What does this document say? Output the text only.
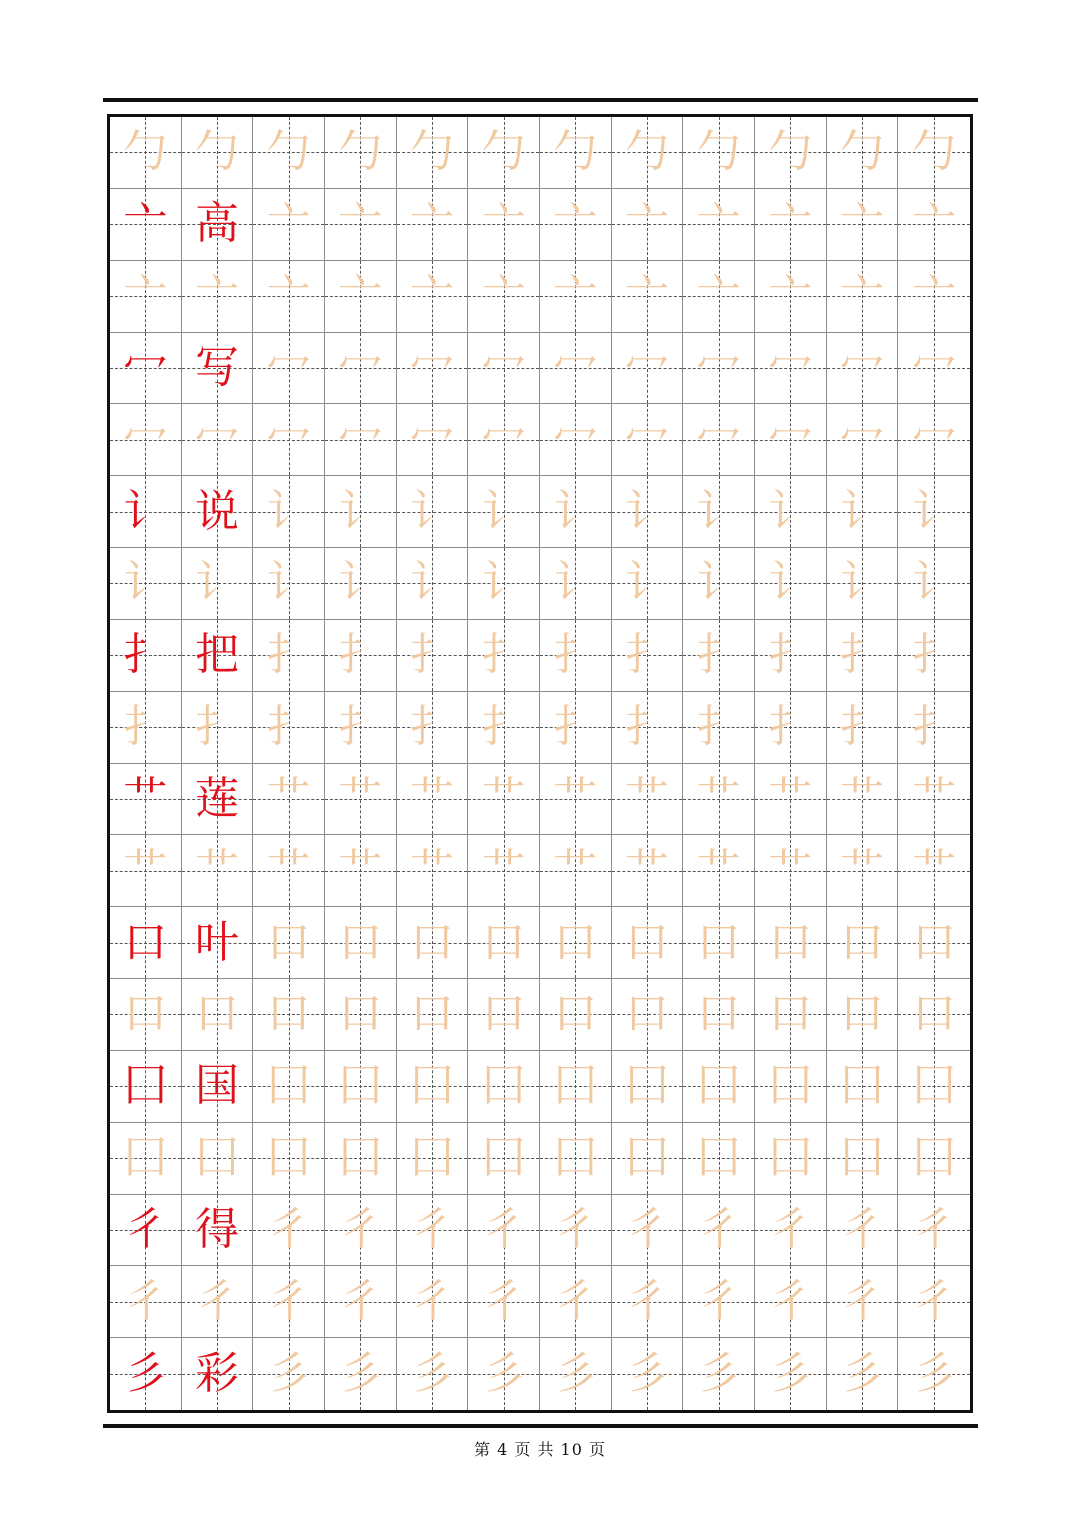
勹 勹 勹 勹 勹 勹 勹 勹 勹 勹 勹 勹
亠 高 亠 亠 亠 亠 亠 亠 亠 亠 亠 亠
亠 亠 亠 亠 亠 亠 亠 亠 亠 亠 亠 亠
冖 写 冖 冖 冖 冖 冖 冖 冖 冖 冖 冖
冖 冖 冖 冖 冖 冖 冖 冖 冖 冖 冖 冖
讠 说 讠 讠 讠 讠 讠 讠 讠 讠 讠 讠
讠 讠 讠 讠 讠 讠 讠 讠 讠 讠 讠 讠
扌 把 扌 扌 扌 扌 扌 扌 扌 扌 扌 扌
扌 扌 扌 扌 扌 扌 扌 扌 扌 扌 扌 扌
艹 莲 艹 艹 艹 艹 艹 艹 艹 艹 艹 艹
艹 艹 艹 艹 艹 艹 艹 艹 艹 艹 艹 艹
口 叶 口 口 口 口 口 口 口 口 口 口
口 口 口 口 口 口 口 口 口 口 口 口
囗 国 囗 囗 囗 囗 囗 囗 囗 囗 囗 囗
囗 囗 囗 囗 囗 囗 囗 囗 囗 囗 囗 囗
彳 得 彳 彳 彳 彳 彳 彳 彳 彳 彳 彳
彳 彳 彳 彳 彳 彳 彳 彳 彳 彳 彳 彳
彡 彩 彡 彡 彡 彡 彡 彡 彡 彡 彡 彡
第 4 页 共 10 页
